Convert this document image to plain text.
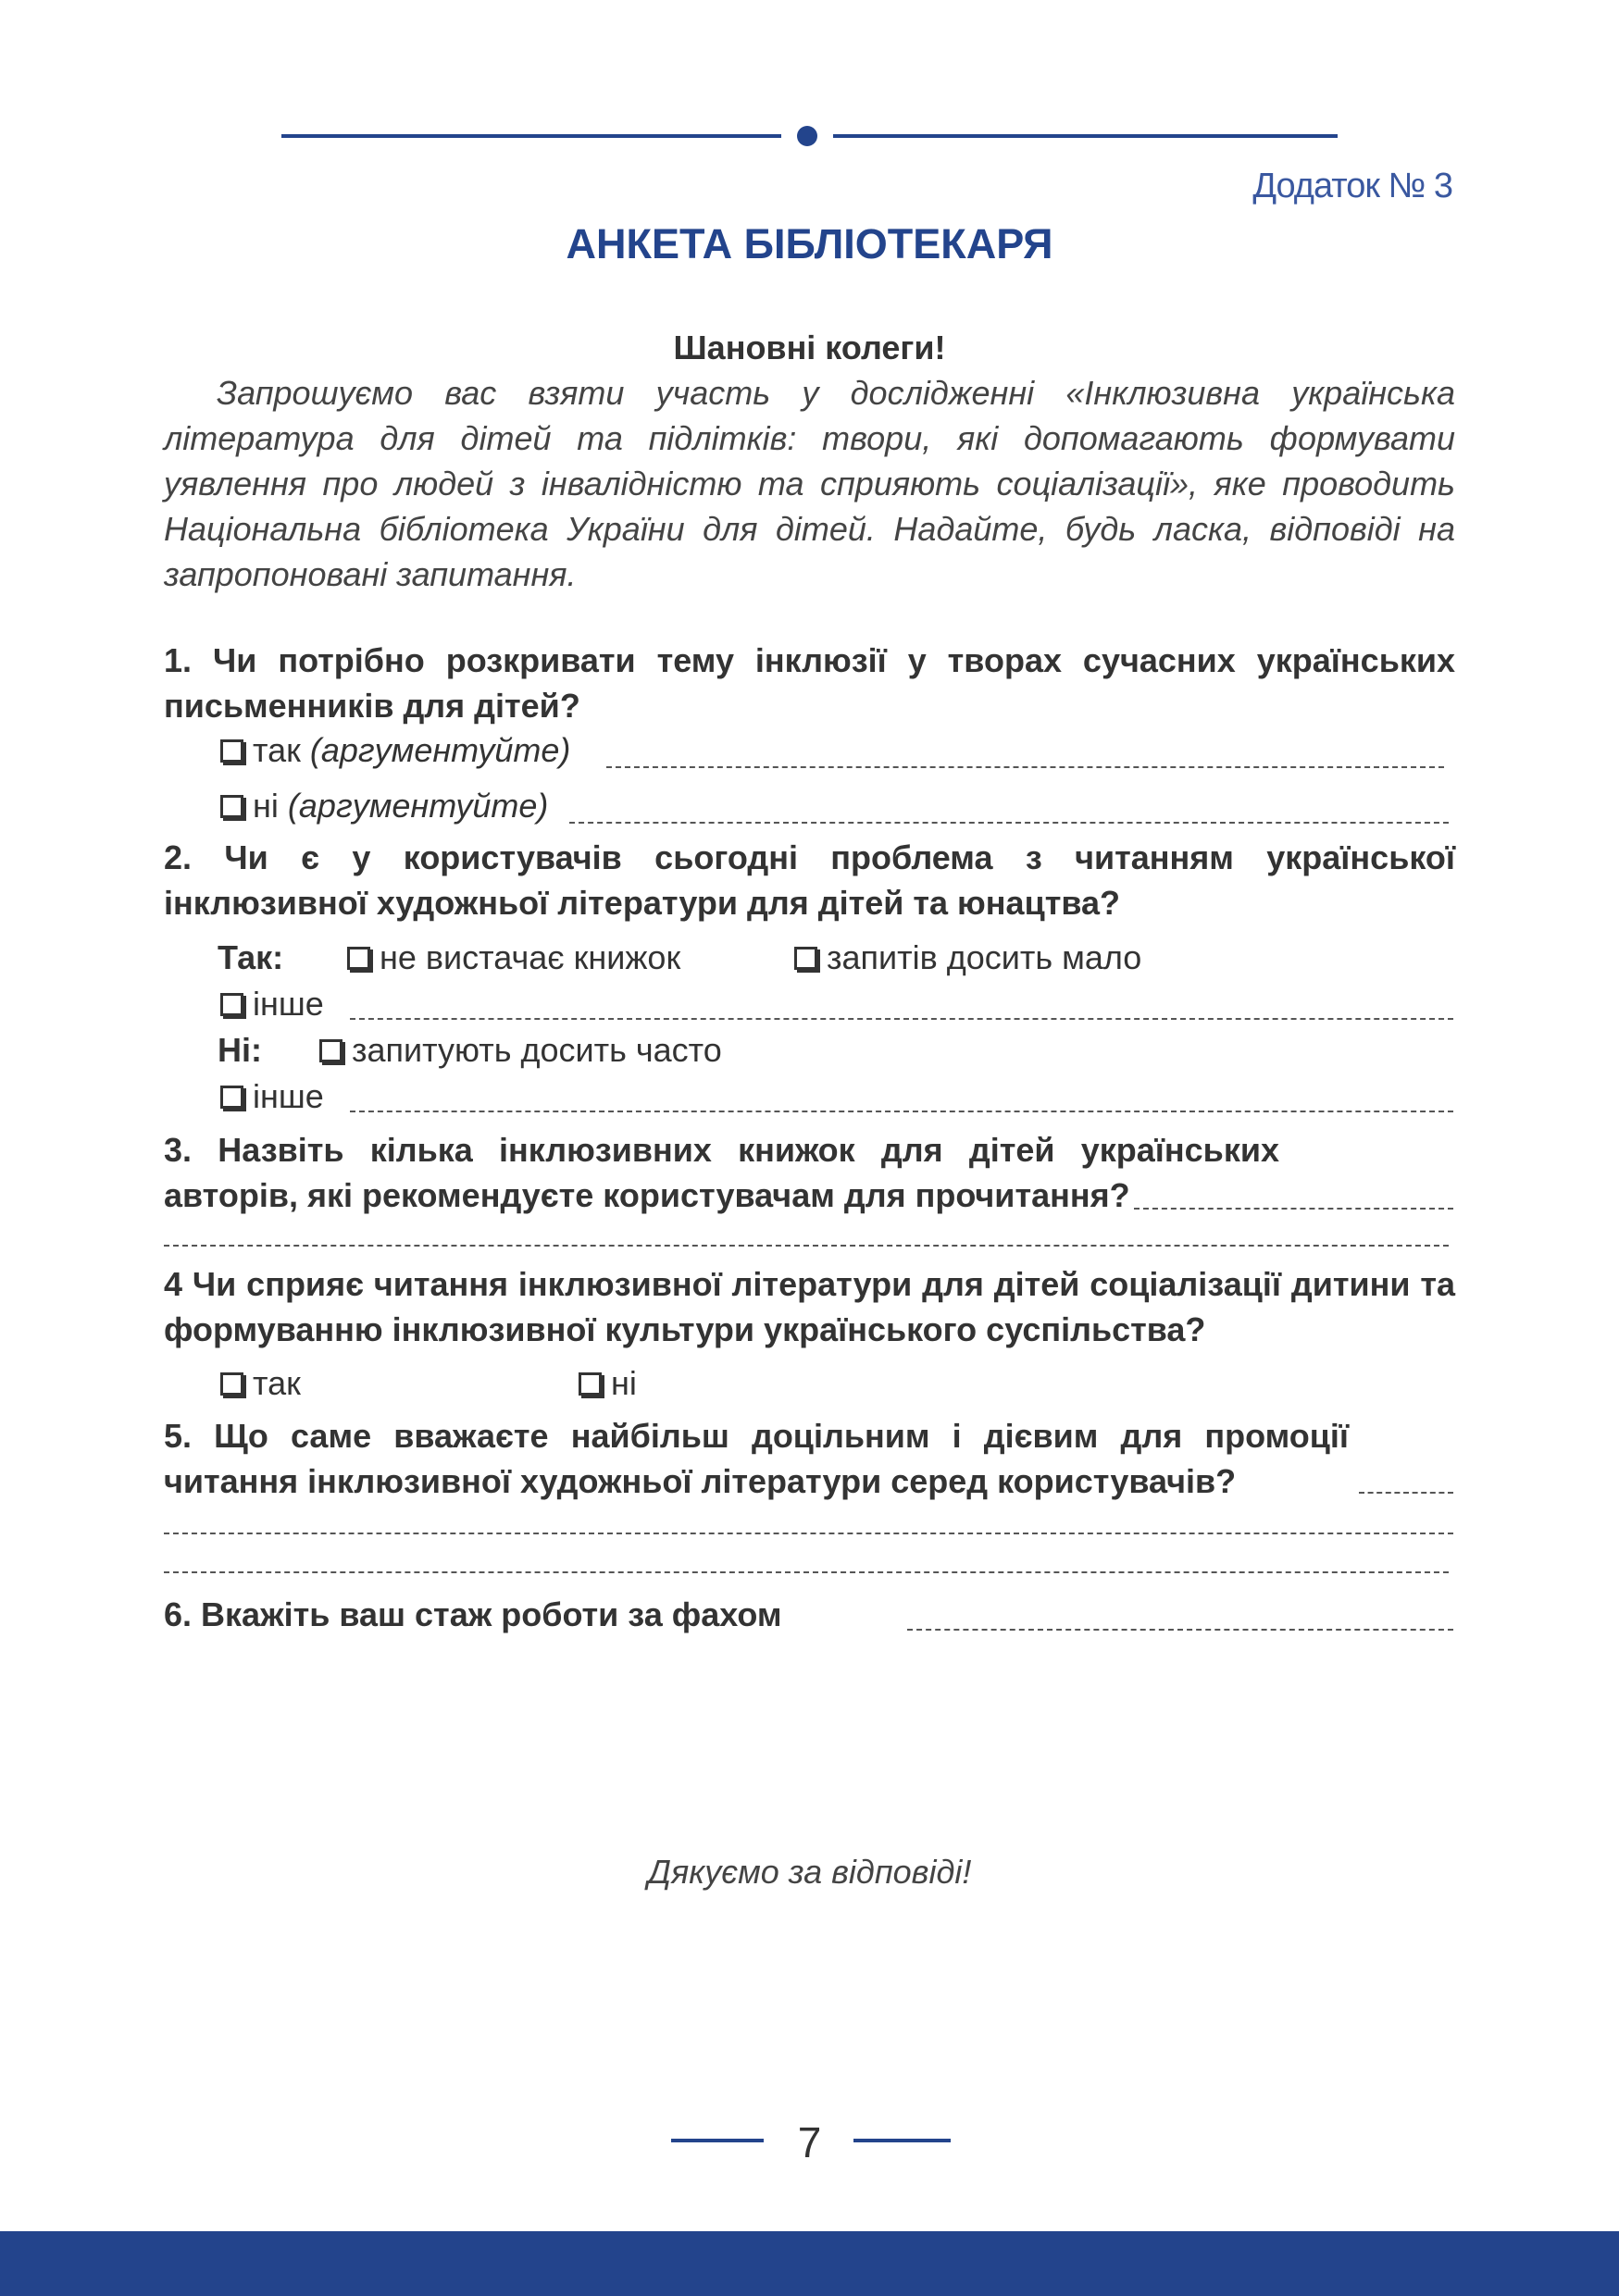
Додаток № 3
АНКЕТА БІБЛІОТЕКАРЯ
Шановні колеги!
Запрошуємо вас взяти участь у дослідженні «Інклюзивна українська література для дітей та підлітків: твори, які допомагають формувати уявлення про людей з інвалідністю та сприяють соціалізації», яке проводить Національна бібліотека України для дітей. Надайте, будь ласка, відповіді на запропоновані запитання.
1. Чи потрібно розкривати тему інклюзії у творах сучасних українських письменників для дітей?
так (аргументуйте)
ні (аргументуйте)
2. Чи є у користувачів сьогодні проблема з читанням української інклюзивної художньої літератури для дітей та юнацтва?
Так:	не вистачає книжок	запитів досить мало
інше
Ні:	запитують досить часто
інше
3. Назвіть кілька інклюзивних книжок для дітей українських авторів, які рекомендуєте користувачам для прочитання?
4 Чи сприяє читання інклюзивної літератури для дітей соціалізації дитини та формуванню інклюзивної культури українського суспільства?
так	ні
5. Що саме вважаєте найбільш доцільним і дієвим для промоції читання інклюзивної художньої літератури серед користувачів?
6. Вкажіть ваш стаж роботи за фахом
Дякуємо за відповіді!
7
